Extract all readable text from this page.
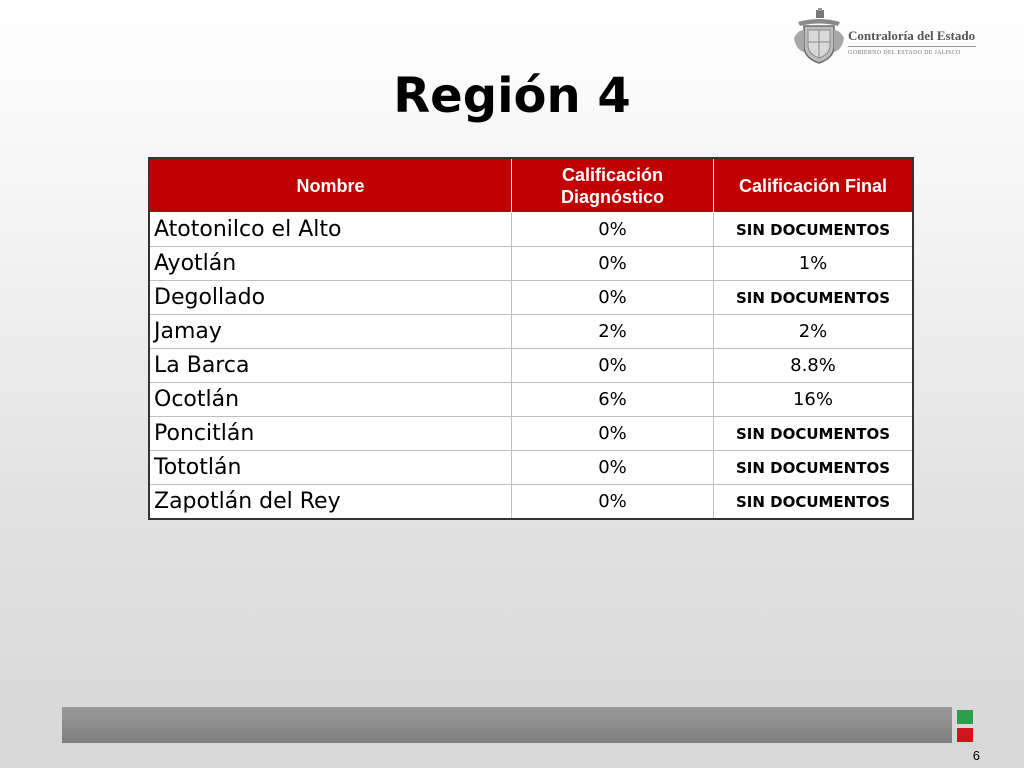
Contraloría del Estado
GOBIERNO DEL ESTADO DE JALISCO
Región 4
Nombre	Calificación Diagnóstico	Calificación Final
Atotonilco el Alto	0%	SIN DOCUMENTOS
Ayotlán	0%	1%
Degollado	0%	SIN DOCUMENTOS
Jamay	2%	2%
La Barca	0%	8.8%
Ocotlán	6%	16%
Poncitlán	0%	SIN DOCUMENTOS
Tototlán	0%	SIN DOCUMENTOS
Zapotlán del Rey	0%	SIN DOCUMENTOS
6
